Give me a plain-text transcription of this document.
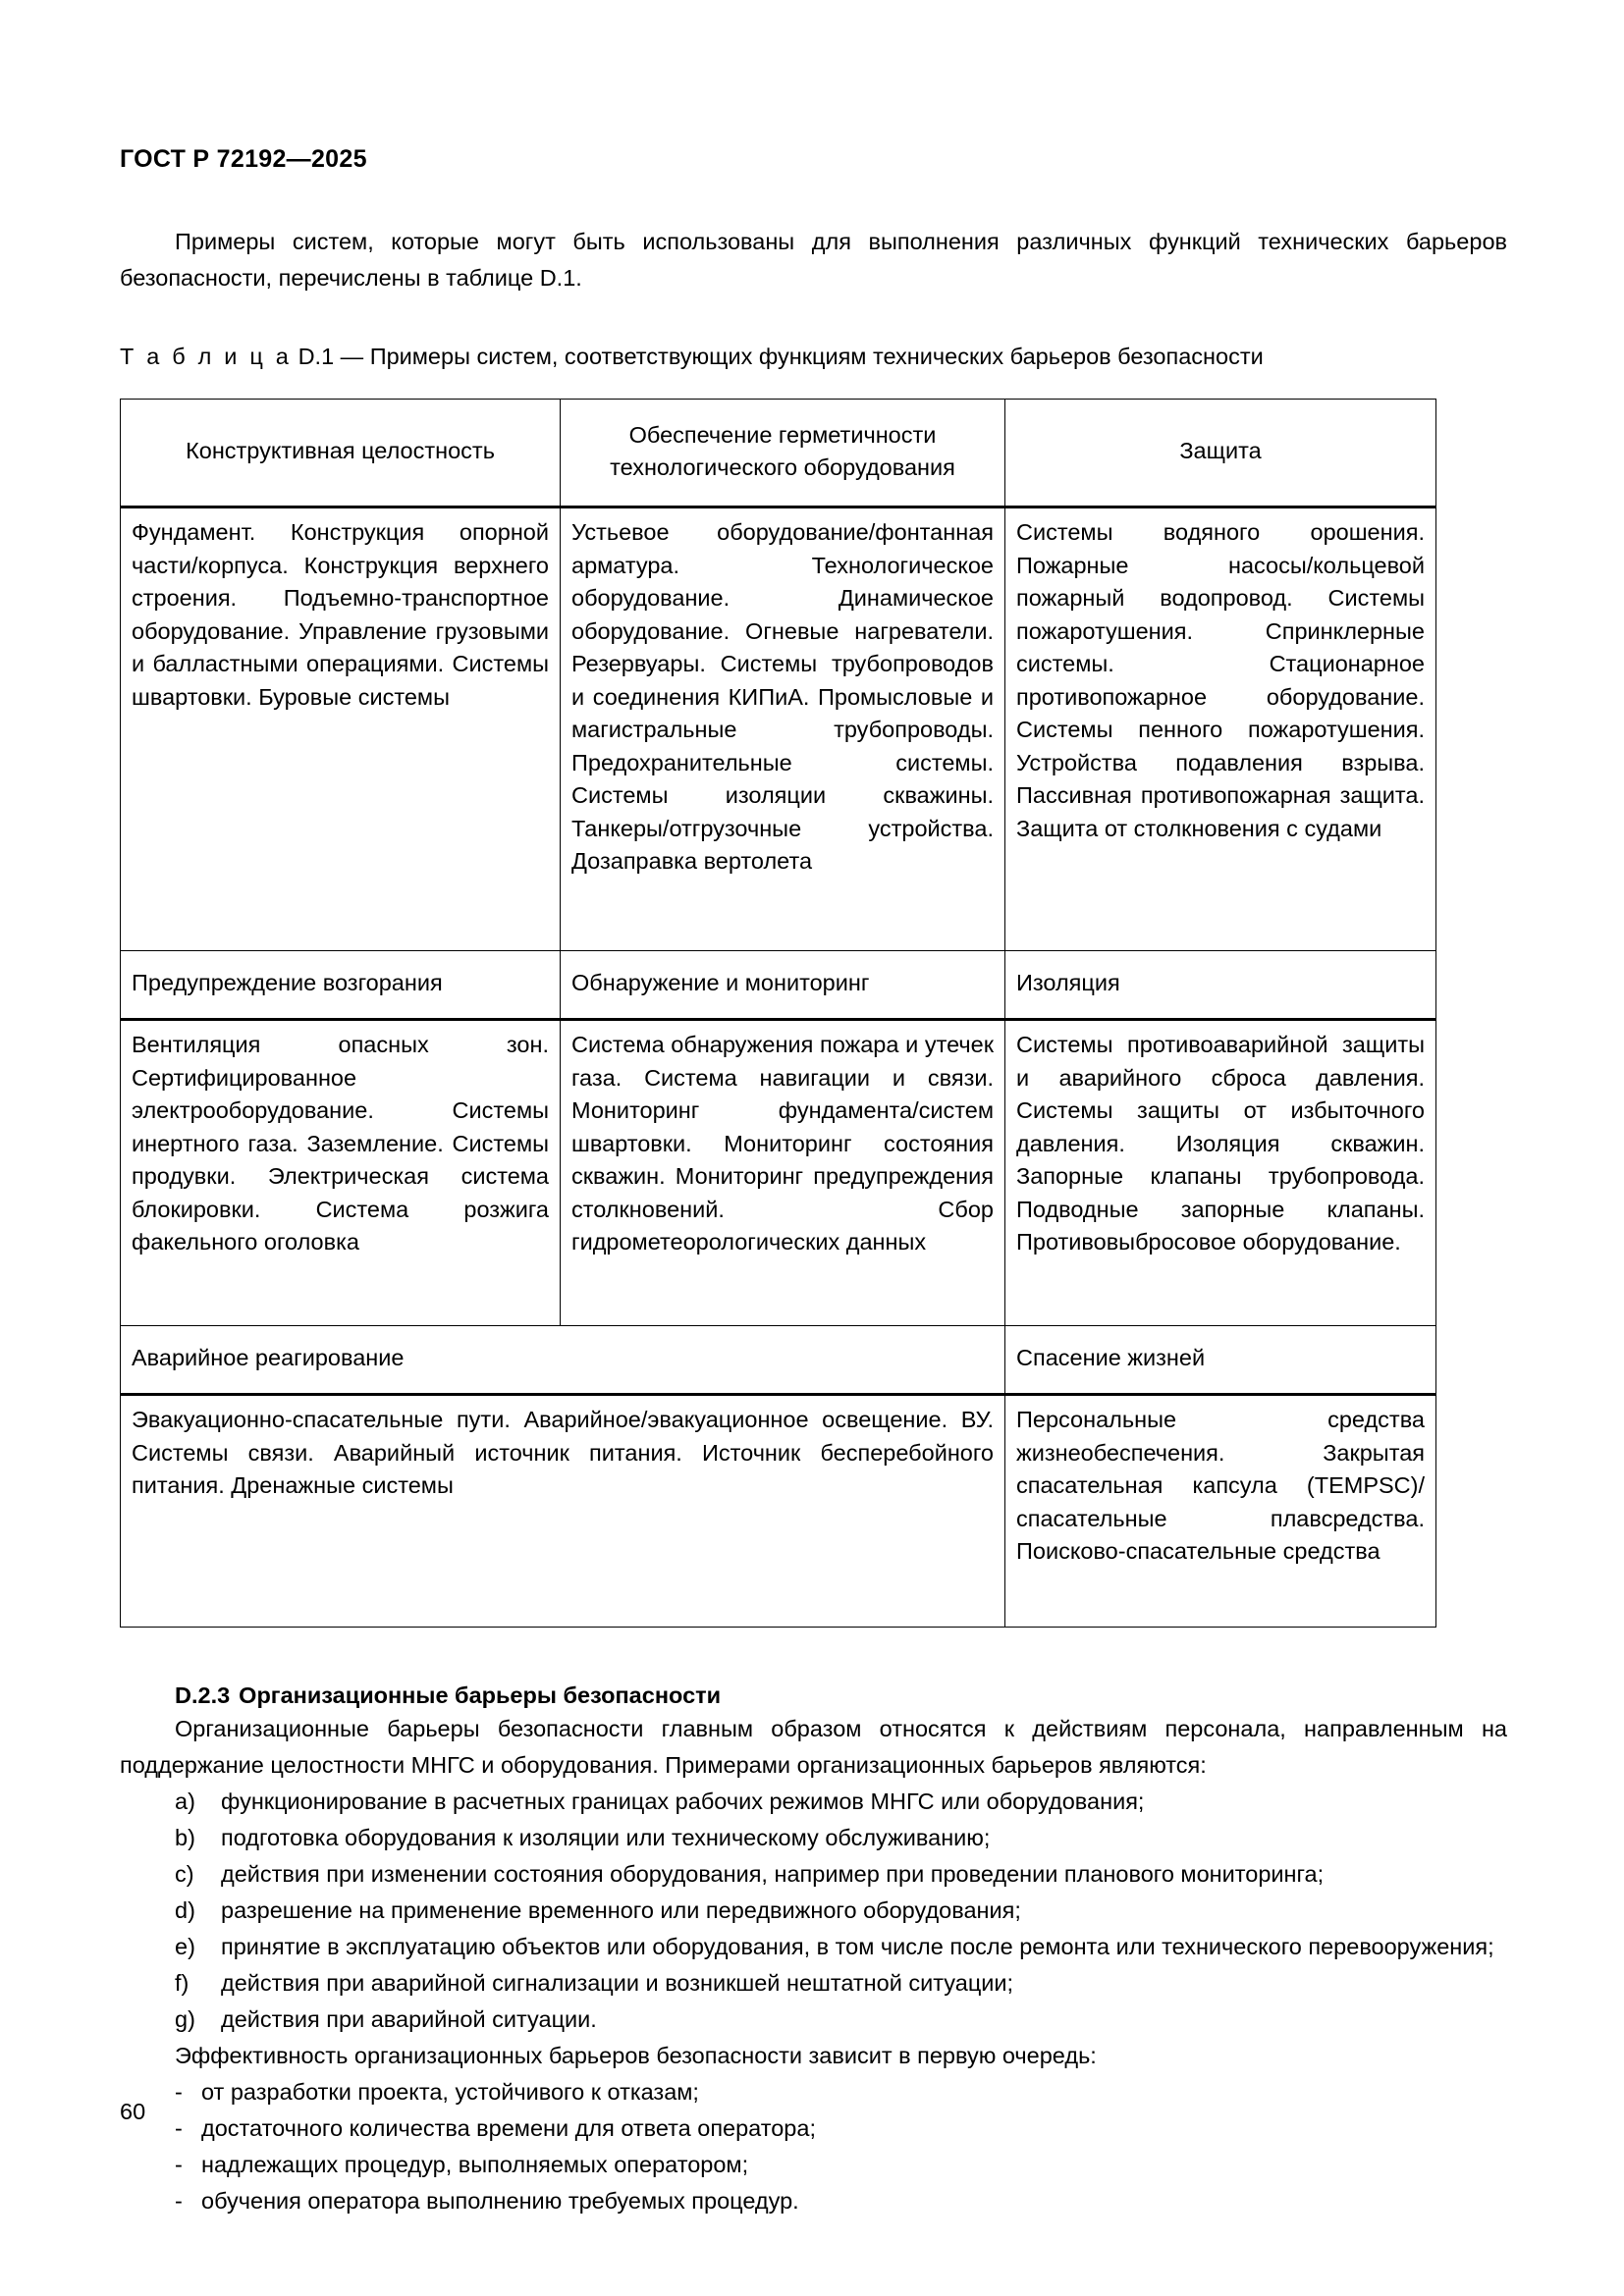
ГОСТ Р 72192—2025

Примеры систем, которые могут быть использованы для выполнения различных функций технических барьеров безопасности, перечислены в таблице D.1.

Т а б л и ц а D.1 — Примеры систем, соответствующих функциям технических барьеров безопасности
Конструктивная целостность	Обеспечение герметичности технологического оборудования	Защита
Фундамент. Конструкция опорной части/корпуса. Конструкция верхнего строения. Подъемно-транспортное оборудование. Управление грузовыми и балластными операциями. Системы швартовки. Буровые системы	Устьевое оборудование/фонтанная арматура. Технологическое оборудование. Динамическое оборудование. Огневые нагреватели. Резервуары. Системы трубопроводов и соединения КИПиА. Промысловые и магистральные трубопроводы. Предохранительные системы. Системы изоляции скважины. Танкеры/отгрузочные устройства. Дозаправка вертолета	Системы водяного орошения. Пожарные насосы/кольцевой пожарный водопровод. Системы пожаротушения. Спринклерные системы. Стационарное противопожарное оборудование. Системы пенного пожаротушения. Устройства подавления взрыва. Пассивная противопожарная защита. Защита от столкновения с судами
Предупреждение возгорания	Обнаружение и мониторинг	Изоляция
Вентиляция опасных зон. Сертифицированное электрооборудование. Системы инертного газа. Заземление. Системы продувки. Электрическая система блокировки. Система розжига факельного оголовка	Система обнаружения пожара и утечек газа. Система навигации и связи. Мониторинг фундамента/систем швартовки. Мониторинг состояния скважин. Мониторинг предупреждения столкновений. Сбор гидрометеорологических данных	Системы противоаварийной защиты и аварийного сброса давления. Системы защиты от избыточного давления. Изоляция скважин. Запорные клапаны трубопровода. Подводные запорные клапаны. Противовыбросовое оборудование.
Аварийное реагирование		Спасение жизней
Эвакуационно-спасательные пути. Аварийное/эвакуационное освещение. ВУ. Системы связи. Аварийный источник питания. Источник бесперебойного питания. Дренажные системы		Персональные средства жизнеобеспечения. Закрытая спасательная капсула (TEMPSC)/спасательные плавсредства. Поисково-спасательные средства
D.2.3 Организационные барьеры безопасности

Организационные барьеры безопасности главным образом относятся к действиям персонала, направленным на поддержание целостности МНГС и оборудования. Примерами организационных барьеров являются:

a) функционирование в расчетных границах рабочих режимов МНГС или оборудования;
b) подготовка оборудования к изоляции или техническому обслуживанию;
c) действия при изменении состояния оборудования, например при проведении планового мониторинга;
d) разрешение на применение временного или передвижного оборудования;
e) принятие в эксплуатацию объектов или оборудования, в том числе после ремонта или технического перевооружения;
f) действия при аварийной сигнализации и возникшей нештатной ситуации;
g) действия при аварийной ситуации.

Эффективность организационных барьеров безопасности зависит в первую очередь:

- от разработки проекта, устойчивого к отказам;
- достаточного количества времени для ответа оператора;
- надлежащих процедур, выполняемых оператором;
- обучения оператора выполнению требуемых процедур.
60
